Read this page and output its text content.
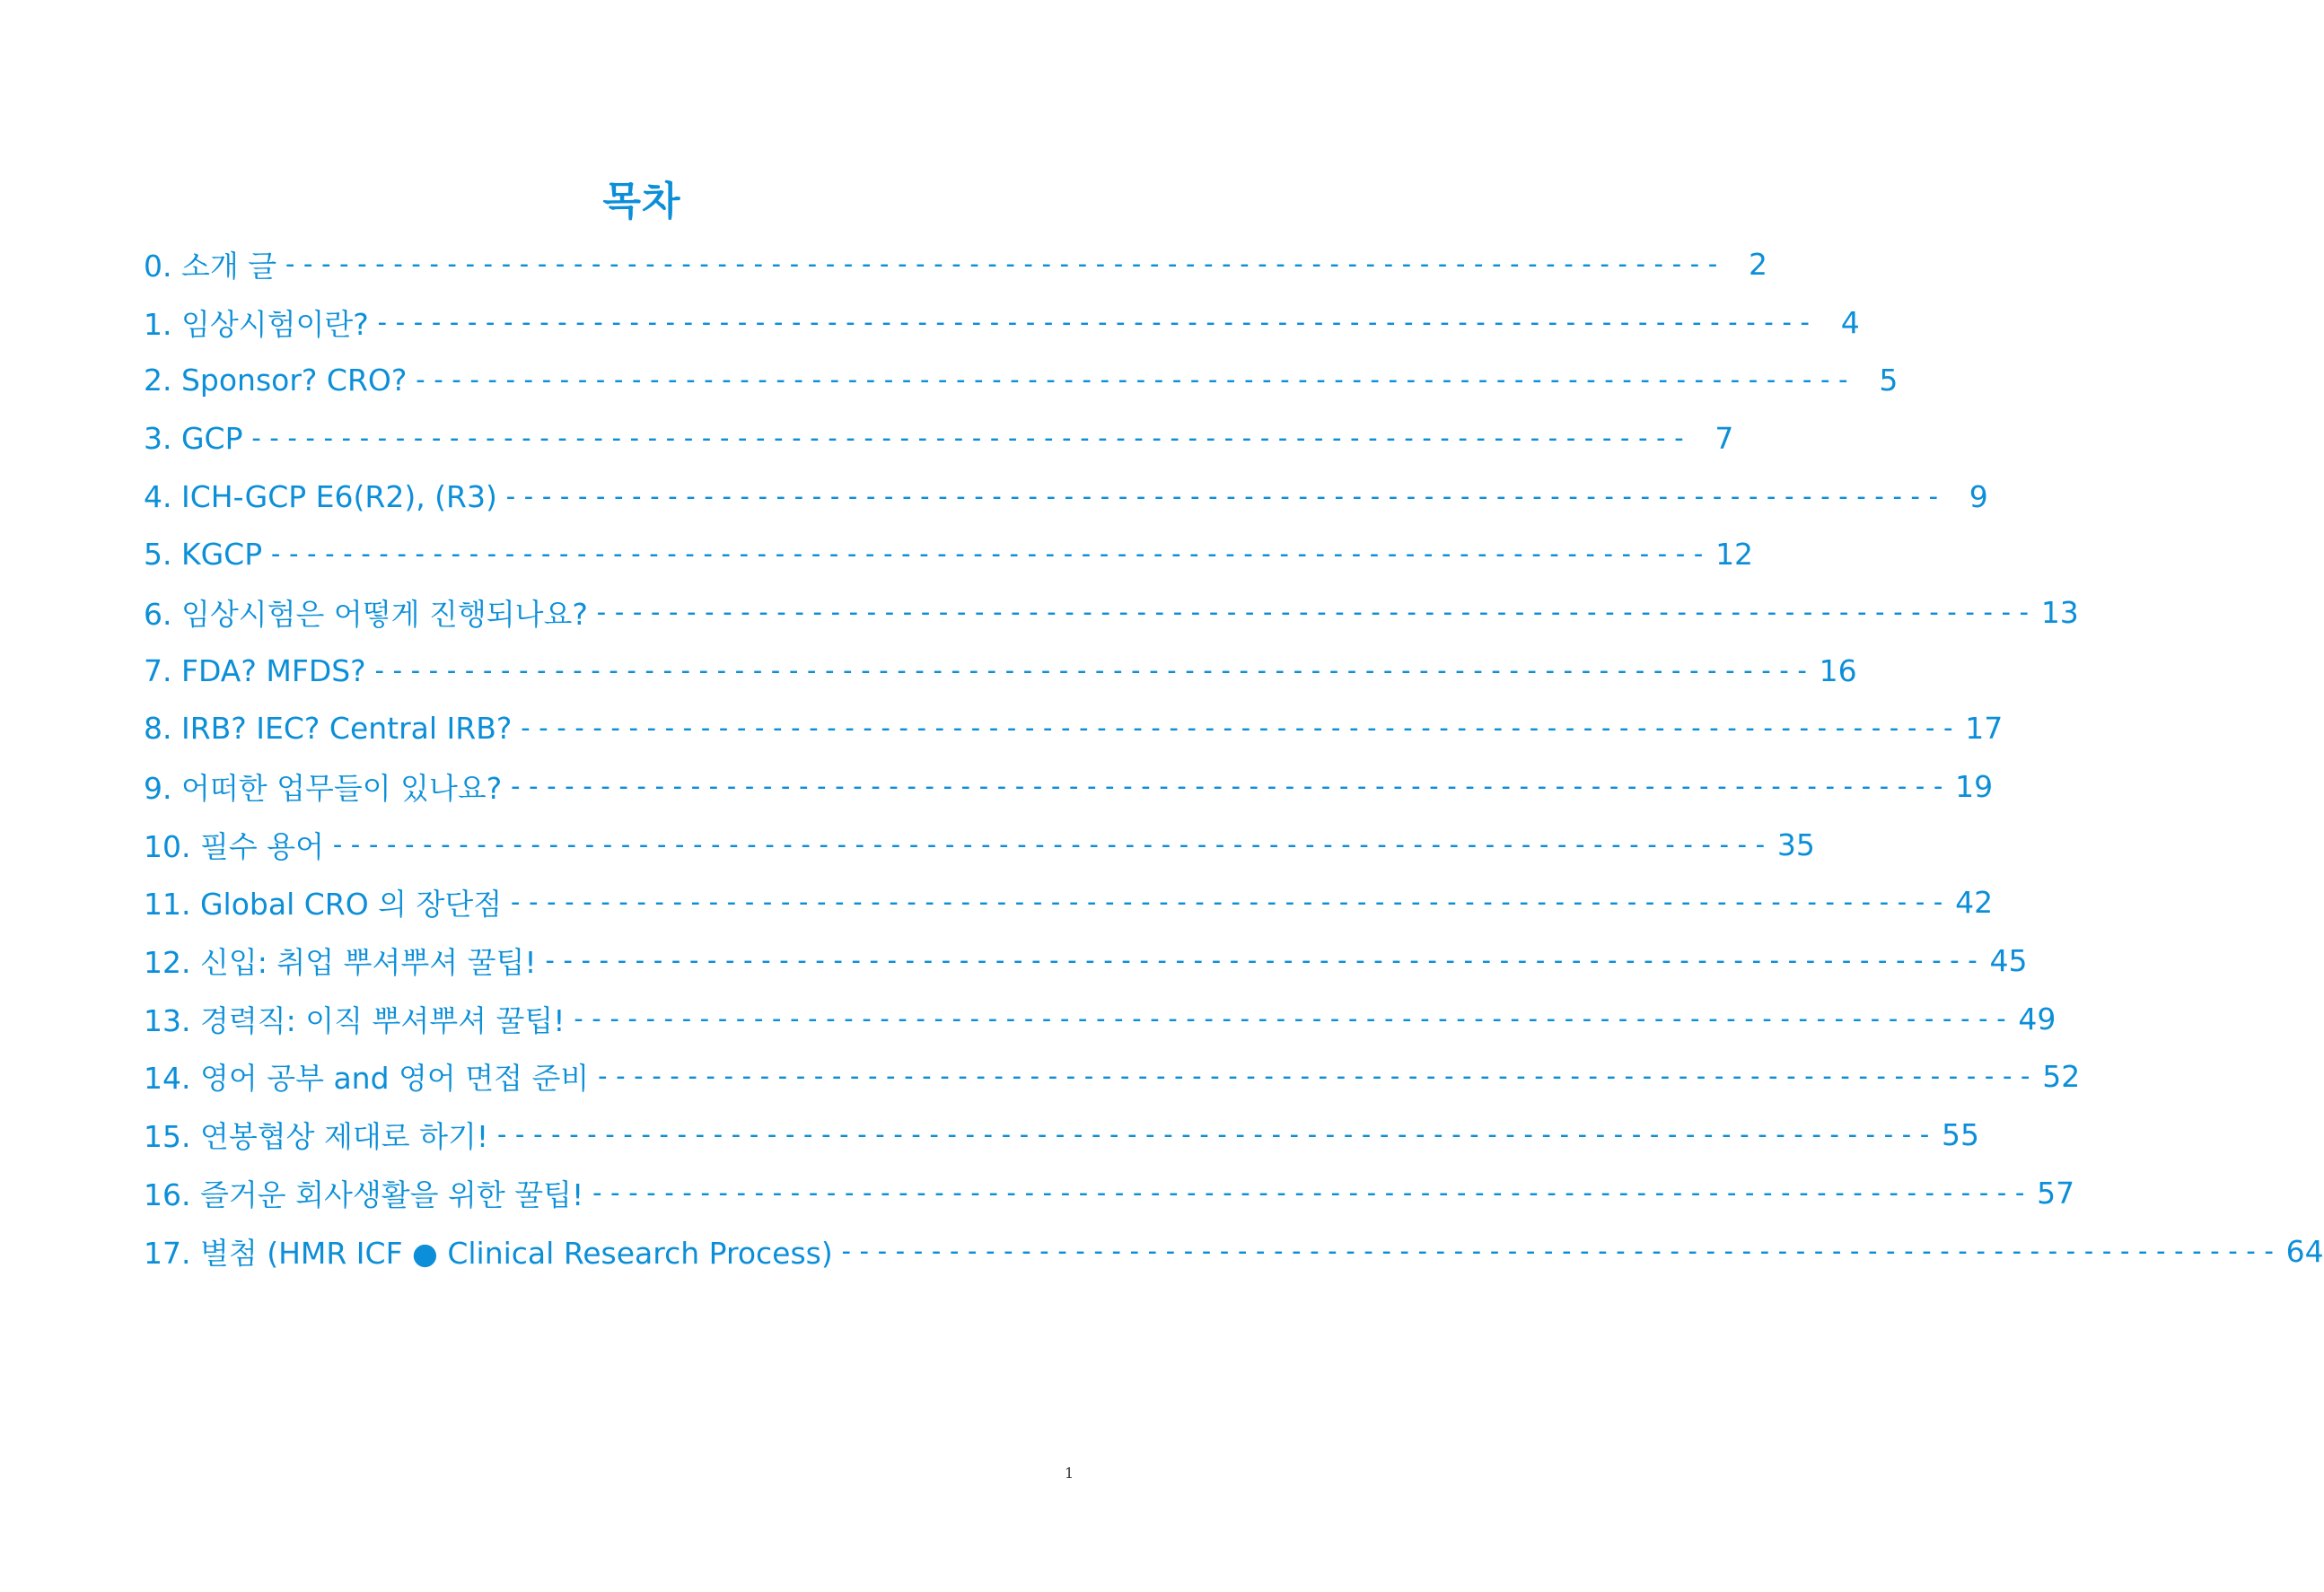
목차
0. 소개 글 -------------------------------------------------------------------------------- 2
1. 임상시험이란? -------------------------------------------------------------------------------- 4
2. Sponsor? CRO? -------------------------------------------------------------------------------- 5
3. GCP -------------------------------------------------------------------------------- 7
4. ICH-GCP E6(R2), (R3) -------------------------------------------------------------------------------- 9
5. KGCP -------------------------------------------------------------------------------- 12
6. 임상시험은 어떻게 진행되나요? -------------------------------------------------------------------------------- 13
7. FDA? MFDS? -------------------------------------------------------------------------------- 16
8. IRB? IEC? Central IRB? -------------------------------------------------------------------------------- 17
9. 어떠한 업무들이 있나요? -------------------------------------------------------------------------------- 19
10. 필수 용어 -------------------------------------------------------------------------------- 35
11. Global CRO 의 장단점 -------------------------------------------------------------------------------- 42
12. 신입: 취업 뿌셔뿌셔 꿀팁! -------------------------------------------------------------------------------- 45
13. 경력직: 이직 뿌셔뿌셔 꿀팁! -------------------------------------------------------------------------------- 49
14. 영어 공부 and 영어 면접 준비 -------------------------------------------------------------------------------- 52
15. 연봉협상 제대로 하기! -------------------------------------------------------------------------------- 55
16. 즐거운 회사생활을 위한 꿀팁! -------------------------------------------------------------------------------- 57
17. 별첨 (HMR ICF ● Clinical Research Process) -------------------------------------------------------------------------------- 64
1
